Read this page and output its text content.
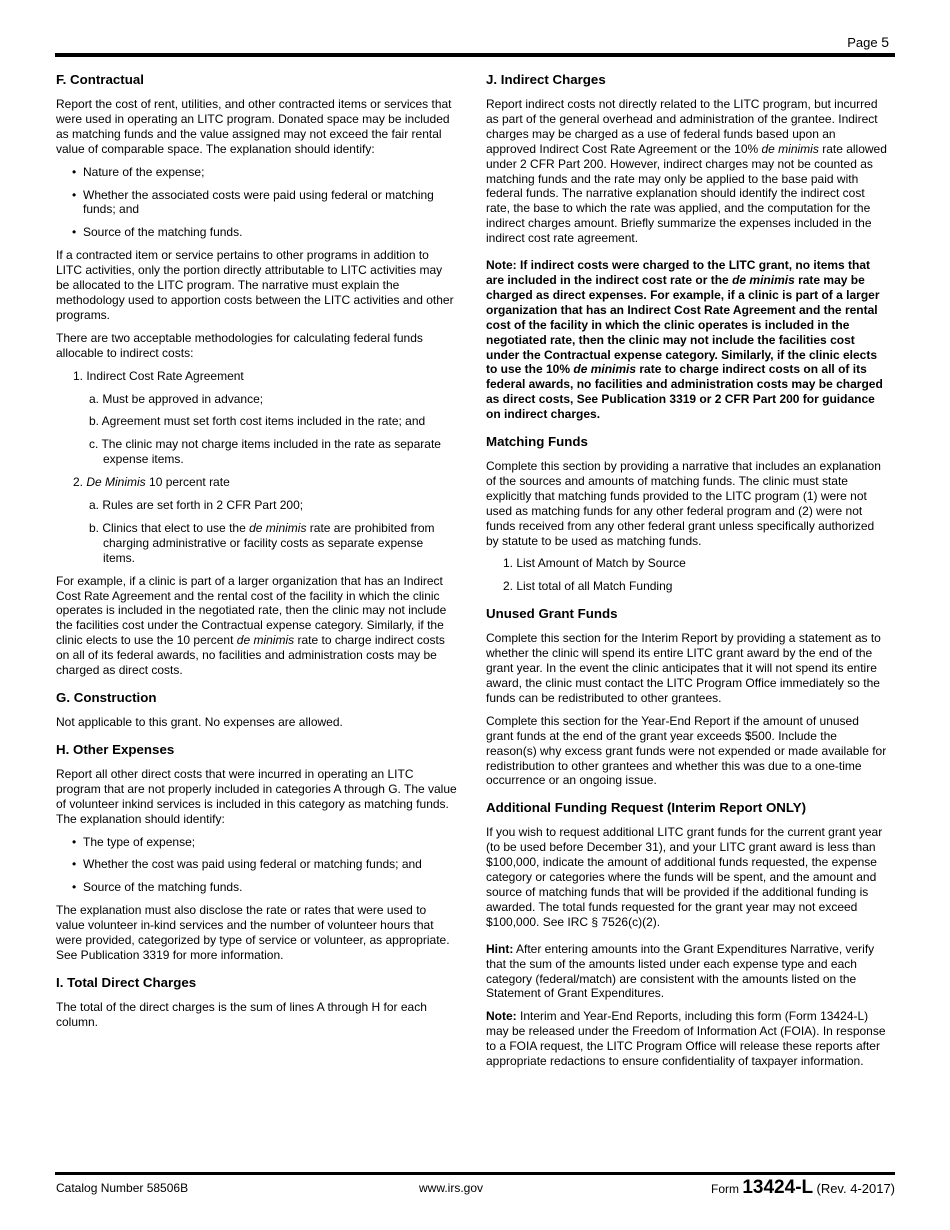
Page 5
F. Contractual

Report the cost of rent, utilities, and other contracted items or services that were used in operating an LITC program. Donated space may be included as matching funds and the value assigned may not exceed the fair rental value of comparable space. The explanation should identify:

• Nature of the expense;
• Whether the associated costs were paid using federal or matching funds; and
• Source of the matching funds.

If a contracted item or service pertains to other programs in addition to LITC activities, only the portion directly attributable to LITC activities may be allocated to the LITC program. The narrative must explain the methodology used to apportion costs between the LITC activities and other programs.

There are two acceptable methodologies for calculating federal funds allocable to indirect costs:

1. Indirect Cost Rate Agreement

a. Must be approved in advance;

b. Agreement must set forth cost items included in the rate; and

c. The clinic may not charge items included in the rate as separate expense items.

2. De Minimis 10 percent rate

a. Rules are set forth in 2 CFR Part 200;

b. Clinics that elect to use the de minimis rate are prohibited from charging administrative or facility costs as separate expense items.

For example, if a clinic is part of a larger organization that has an Indirect Cost Rate Agreement and the rental cost of the facility in which the clinic operates is included in the negotiated rate, then the clinic may not include the facilities cost under the Contractual expense category. Similarly, if the clinic elects to use the 10 percent de minimis rate to charge indirect costs on all of its federal awards, no facilities and administration costs may be charged as direct costs.

G. Construction

Not applicable to this grant. No expenses are allowed.

H. Other Expenses

Report all other direct costs that were incurred in operating an LITC program that are not properly included in categories A through G. The value of volunteer inkind services is included in this category as matching funds. The explanation should identify:

• The type of expense;
• Whether the cost was paid using federal or matching funds; and
• Source of the matching funds.

The explanation must also disclose the rate or rates that were used to value volunteer in-kind services and the number of volunteer hours that were provided, categorized by type of service or volunteer, as appropriate. See Publication 3319 for more information.

I. Total Direct Charges

The total of the direct charges is the sum of lines A through H for each column.

J. Indirect Charges

Report indirect costs not directly related to the LITC program, but incurred as part of the general overhead and administration of the grantee. Indirect charges may be charged as a use of federal funds based upon an approved Indirect Cost Rate Agreement or the 10% de minimis rate allowed under 2 CFR Part 200. However, indirect charges may not be counted as matching funds and the rate may only be applied to the base paid with federal funds. The narrative explanation should identify the indirect cost rate, the base to which the rate was applied, and the computation for the indirect charges amount. Briefly summarize the expenses included in the indirect cost rate agreement.

Note: If indirect costs were charged to the LITC grant, no items that are included in the indirect cost rate or the de minimis rate may be charged as direct expenses. For example, if a clinic is part of a larger organization that has an Indirect Cost Rate Agreement and the rental cost of the facility in which the clinic operates is included in the negotiated rate, then the clinic may not include the facilities cost under the Contractual expense category. Similarly, if the clinic elects to use the 10% de minimis rate to charge indirect costs on all of its federal awards, no facilities and administration costs may be charged as direct costs, See Publication 3319 or 2 CFR Part 200 for guidance on indirect charges.

Matching Funds

Complete this section by providing a narrative that includes an explanation of the sources and amounts of matching funds. The clinic must state explicitly that matching funds provided to the LITC program (1) were not used as matching funds for any other federal program and (2) were not funds received from any other federal grant unless specifically authorized by statute to be used as matching funds.

1. List Amount of Match by Source

2. List total of all Match Funding

Unused Grant Funds

Complete this section for the Interim Report by providing a statement as to whether the clinic will spend its entire LITC grant award by the end of the grant year. In the event the clinic anticipates that it will not spend its entire award, the clinic must contact the LITC Program Office immediately so the funds can be redistributed to other grantees.

Complete this section for the Year-End Report if the amount of unused grant funds at the end of the grant year exceeds $500. Include the reason(s) why excess grant funds were not expended or made available for redistribution to other grantees and whether this was due to a one-time occurrence or an ongoing issue.

Additional Funding Request (Interim Report ONLY)

If you wish to request additional LITC grant funds for the current grant year (to be used before December 31), and your LITC grant award is less than $100,000, indicate the amount of additional funds requested, the expense category or categories where the funds will be spent, and the amount and source of matching funds that will be provided if the additional funding is awarded. The total funds requested for the grant year may not exceed $100,000. See IRC § 7526(c)(2).

Hint: After entering amounts into the Grant Expenditures Narrative, verify that the sum of the amounts listed under each expense type and each category (federal/match) are consistent with the amounts listed on the Statement of Grant Expenditures.

Note: Interim and Year-End Reports, including this form (Form 13424-L) may be released under the Freedom of Information Act (FOIA). In response to a FOIA request, the LITC Program Office will release these reports after appropriate redactions to ensure confidentiality of taxpayer information.

Catalog Number 58506B	www.irs.gov	Form 13424-L (Rev. 4-2017)
